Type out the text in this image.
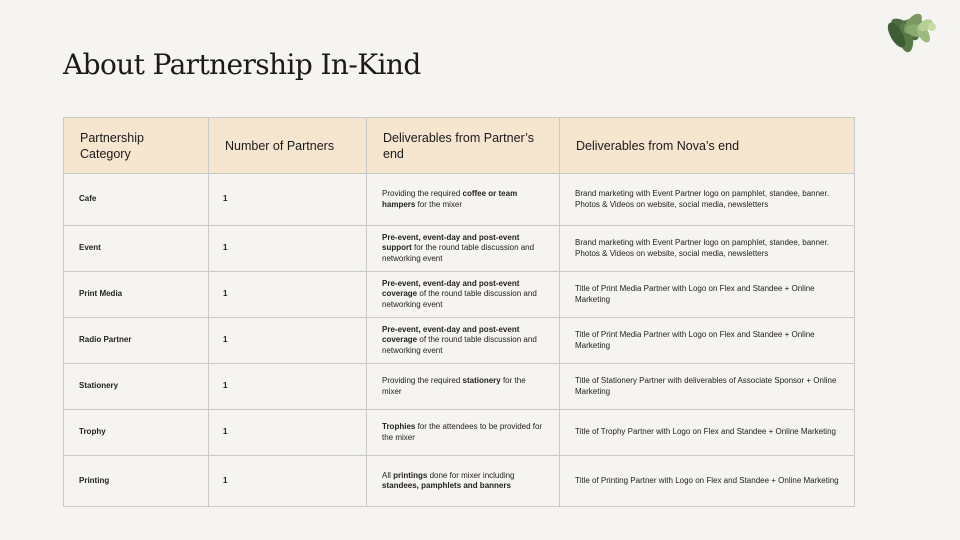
About Partnership In-Kind
Partnership Category	Number of Partners	Deliverables from Partner’s end	Deliverables from Nova’s end
Cafe	1	Providing the required coffee or team hampers for the mixer	Brand marketing with Event Partner logo on pamphlet, standee, banner. Photos & Videos on website, social media, newsletters
Event	1	Pre-event, event-day and post-event support for the round table discussion and networking event	Brand marketing with Event Partner logo on pamphlet, standee, banner. Photos & Videos on website, social media, newsletters
Print Media	1	Pre-event, event-day and post-event coverage of the round table discussion and networking event	Title of Print Media Partner with Logo on Flex and Standee + Online Marketing
Radio Partner	1	Pre-event, event-day and post-event coverage of the round table discussion and networking event	Title of Print Media Partner with Logo on Flex and Standee + Online Marketing
Stationery	1	Providing the required stationery for the mixer	Title of Stationery Partner with deliverables of Associate Sponsor + Online Marketing
Trophy	1	Trophies for the attendees to be provided for the mixer	Title of Trophy Partner with Logo on Flex and Standee + Online Marketing
Printing	1	All printings done for mixer including standees, pamphlets and banners	Title of Printing Partner with Logo on Flex and Standee + Online Marketing
